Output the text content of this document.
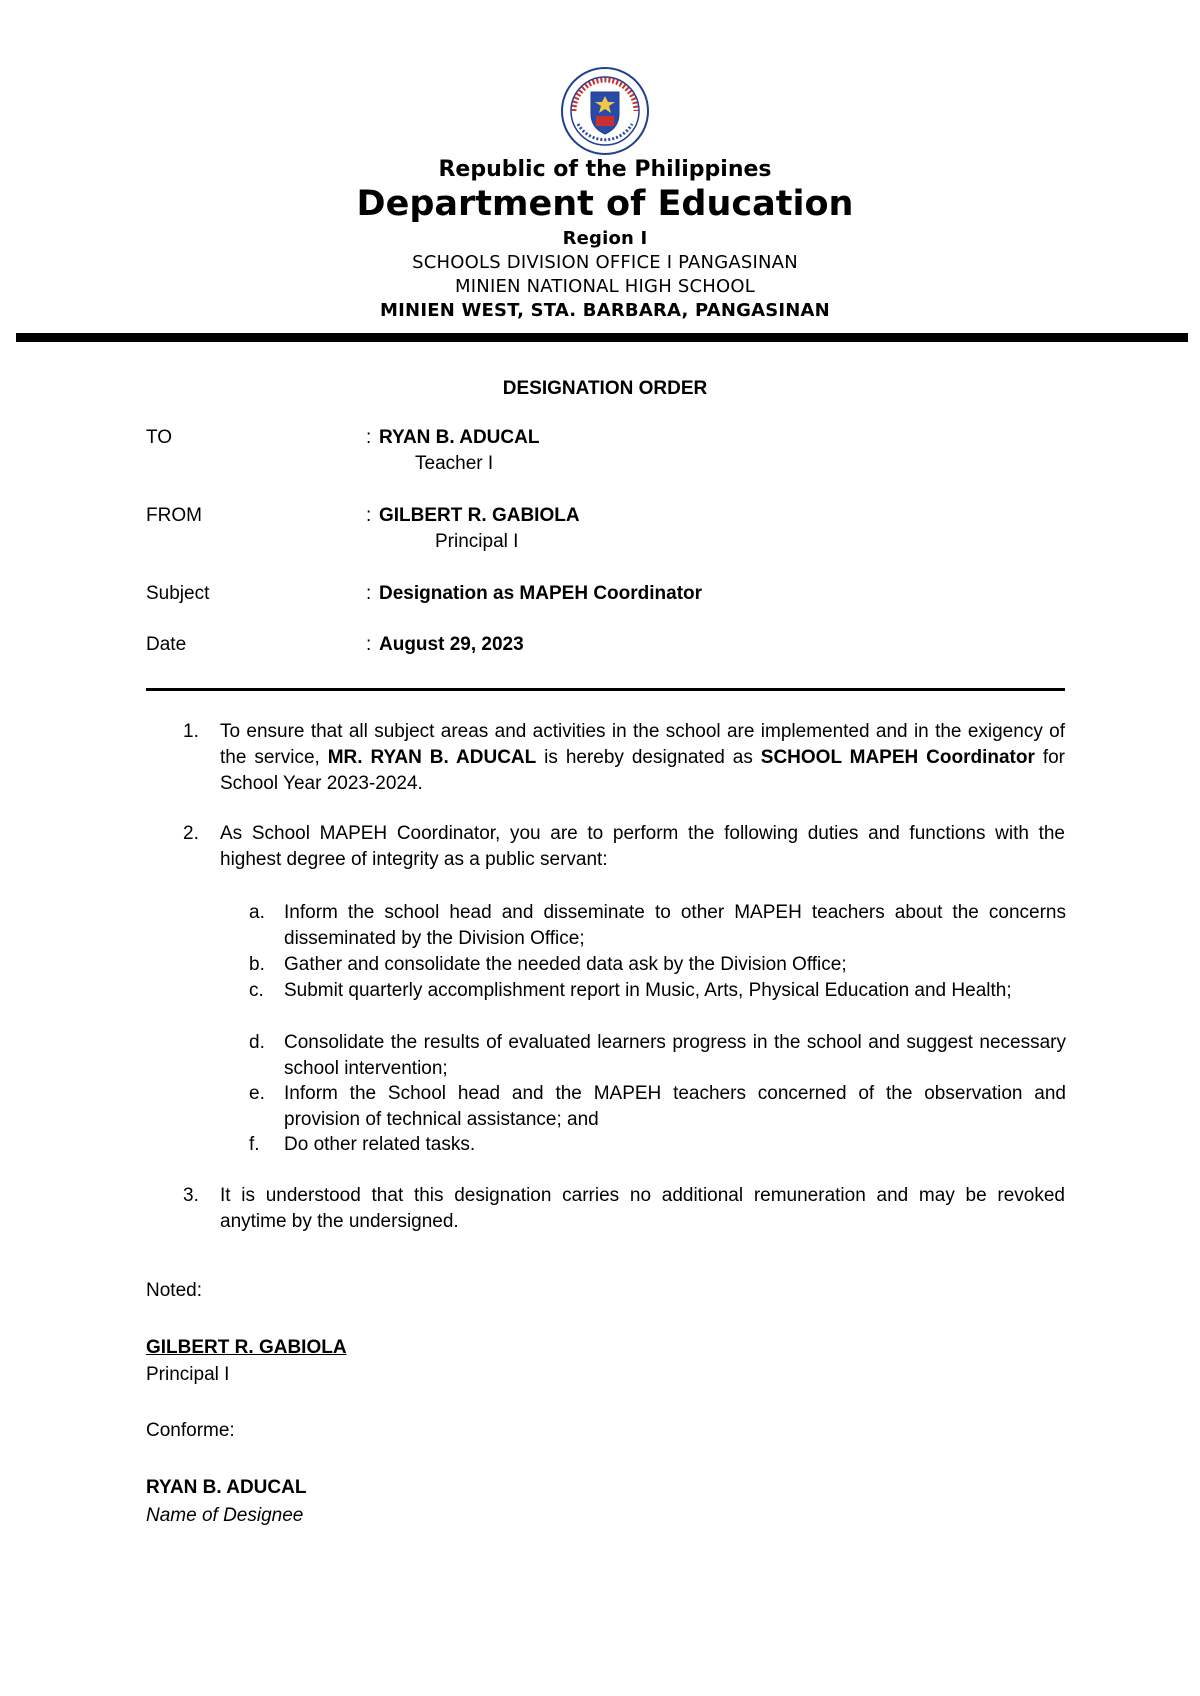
Republic of the Philippines
Department of Education
Region I
SCHOOLS DIVISION OFFICE I PANGASINAN
MINIEN NATIONAL HIGH SCHOOL
MINIEN WEST, STA. BARBARA, PANGASINAN
DESIGNATION ORDER
TO	: RYAN B. ADUCAL
Teacher I
FROM	: GILBERT R. GABIOLA
Principal I
Subject	: Designation as MAPEH Coordinator
Date	: August 29, 2023
1. To ensure that all subject areas and activities in the school are implemented and in the exigency of the service, MR. RYAN B. ADUCAL is hereby designated as SCHOOL MAPEH Coordinator for School Year 2023-2024.
2. As School MAPEH Coordinator, you are to perform the following duties and functions with the highest degree of integrity as a public servant:
a. Inform the school head and disseminate to other MAPEH teachers about the concerns disseminated by the Division Office;
b. Gather and consolidate the needed data ask by the Division Office;
c. Submit quarterly accomplishment report in Music, Arts, Physical Education and Health;
d. Consolidate the results of evaluated learners progress in the school and suggest necessary school intervention;
e. Inform the School head and the MAPEH teachers concerned of the observation and provision of technical assistance; and
f. Do other related tasks.
3. It is understood that this designation carries no additional remuneration and may be revoked anytime by the undersigned.
Noted:
GILBERT R. GABIOLA
Principal I
Conforme:
RYAN B. ADUCAL
Name of Designee
